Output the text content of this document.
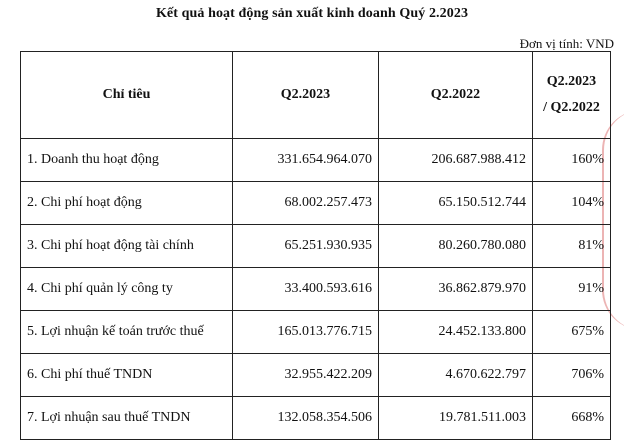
Kết quả hoạt động sản xuất kinh doanh Quý 2.2023
Đơn vị tính: VND
Chỉ tiêu	Q2.2023	Q2.2022	Q2.2023
/ Q2.2022

1. Doanh thu hoạt động	331.654.964.070	206.687.988.412	160%
2. Chi phí hoạt động	68.002.257.473	65.150.512.744	104%
3. Chi phí hoạt động tài chính	65.251.930.935	80.260.780.080	81%
4. Chi phí quản lý công ty	33.400.593.616	36.862.879.970	91%
5. Lợi nhuận kế toán trước thuế	165.013.776.715	24.452.133.800	675%
6. Chi phí thuế TNDN	32.955.422.209	4.670.622.797	706%
7. Lợi nhuận sau thuế TNDN	132.058.354.506	19.781.511.003	668%
